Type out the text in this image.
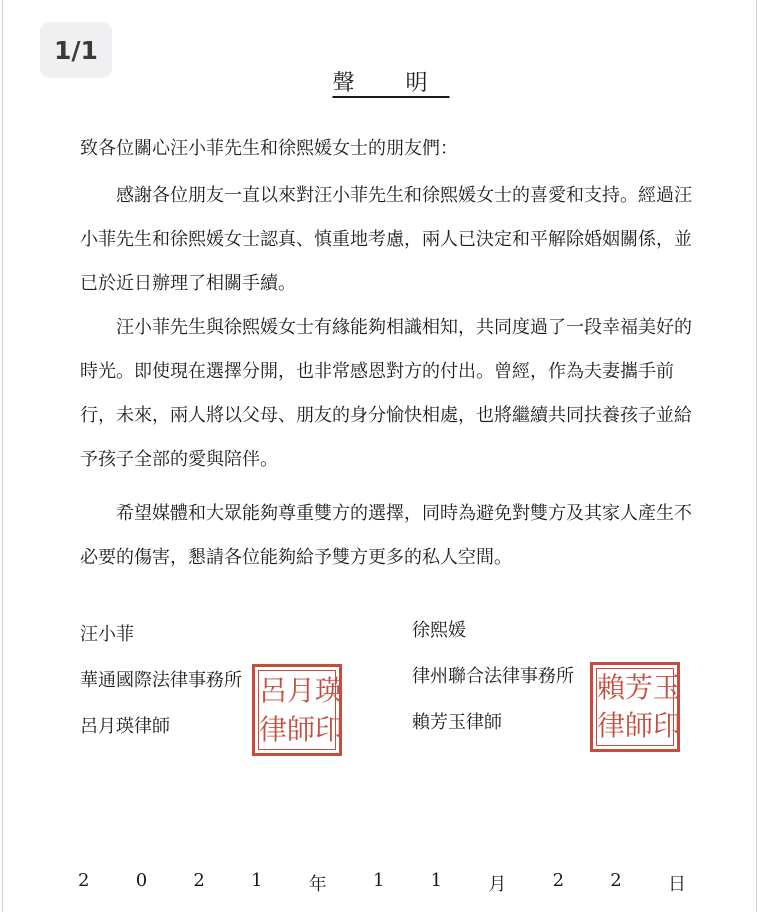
1/1
聲 明
致各位關心汪小菲先生和徐熙媛女士的朋友們：
感謝各位朋友一直以來對汪小菲先生和徐熙媛女士的喜愛和支持。經過汪
小菲先生和徐熙媛女士認真、慎重地考慮，兩人已決定和平解除婚姻關係，並
已於近日辦理了相關手續。
汪小菲先生與徐熙媛女士有緣能夠相識相知，共同度過了一段幸福美好的
時光。即使現在選擇分開，也非常感恩對方的付出。曾經，作為夫妻攜手前
行，未來，兩人將以父母、朋友的身分愉快相處，也將繼續共同扶養孩子並給
予孩子全部的愛與陪伴。
希望媒體和大眾能夠尊重雙方的選擇，同時為避免對雙方及其家人產生不
必要的傷害，懇請各位能夠給予雙方更多的私人空間。
汪小菲
華通國際法律事務所
呂月瑛律師
呂 月 瑛
律 師 印
徐熙媛
律州聯合法律事務所
賴芳玉律師
賴 芳 玉
律 師 印
2	0	2	1	年	1	1	月	2	2	日
